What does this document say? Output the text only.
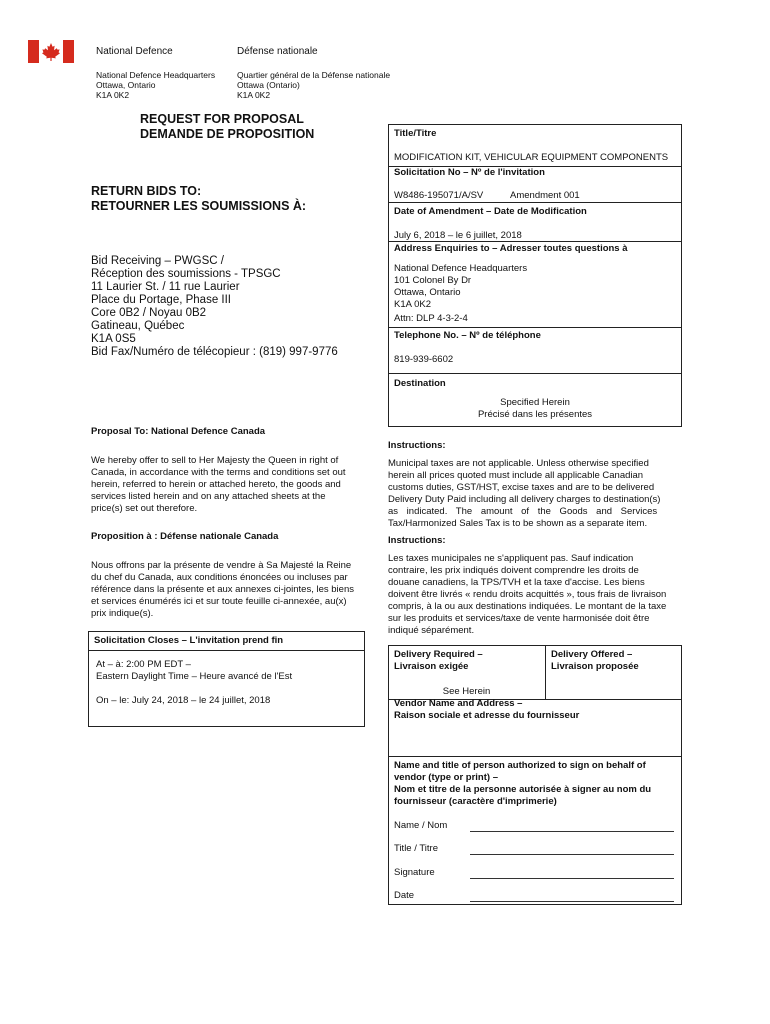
National Defence	Défense nationale
National Defence Headquarters
Ottawa, Ontario
K1A 0K2
Quartier général de la Défense nationale
Ottawa (Ontario)
K1A 0K2
REQUEST FOR PROPOSAL
DEMANDE DE PROPOSITION
RETURN BIDS TO:
RETOURNER LES SOUMISSIONS À:
Bid Receiving – PWGSC /
Réception des soumissions - TPSGC
11 Laurier St. / 11 rue Laurier
Place du Portage, Phase III
Core 0B2 / Noyau 0B2
Gatineau, Québec
K1A 0S5
Bid Fax/Numéro de télécopieur : (819) 997-9776
Title/Titre
MODIFICATION KIT, VEHICULAR EQUIPMENT COMPONENTS
Solicitation No – Nº de l'invitation
W8486-195071/A/SV	Amendment 001
Date of Amendment – Date de Modification
July 6, 2018 – le 6 juillet, 2018
Address Enquiries to – Adresser toutes questions à
National Defence Headquarters
101 Colonel By Dr
Ottawa, Ontario
K1A 0K2
Attn: DLP 4-3-2-4
Telephone No. – Nº de téléphone
819-939-6602
Destination
Specified Herein
Précisé dans les présentes
Proposal To: National Defence Canada
We hereby offer to sell to Her Majesty the Queen in right of
Canada, in accordance with the terms and conditions set out
herein, referred to herein or attached hereto, the goods and
services listed herein and on any attached sheets at the
price(s) set out therefore.
Proposition à : Défense nationale Canada
Nous offrons par la présente de vendre à Sa Majesté la Reine
du chef du Canada, aux conditions énoncées ou incluses par
référence dans la présente et aux annexes ci-jointes, les biens
et services énumérés ici et sur toute feuille ci-annexée, au(x)
prix indique(s).
Instructions:
Municipal taxes are not applicable. Unless otherwise specified
herein all prices quoted must include all applicable Canadian
customs duties, GST/HST, excise taxes and are to be delivered
Delivery Duty Paid including all delivery charges to destination(s)
as indicated. The amount of the Goods and Services
Tax/Harmonized Sales Tax is to be shown as a separate item.
Instructions:
Les taxes municipales ne s'appliquent pas. Sauf indication
contraire, les prix indiqués doivent comprendre les droits de
douane canadiens, la TPS/TVH et la taxe d'accise. Les biens
doivent être livrés « rendu droits acquittés », tous frais de livraison
compris, à la ou aux destinations indiquées. Le montant de la taxe
sur les produits et services/taxe de vente harmonisée doit être
indiqué séparément.
Solicitation Closes – L'invitation prend fin
At – à: 2:00 PM EDT –
Eastern Daylight Time – Heure avancé de l'Est
On – le: July 24, 2018 – le 24 juillet, 2018
Delivery Required –
Livraison exigée
Delivery Offered –
Livraison proposée
See Herein
Vendor Name and Address –
Raison sociale et adresse du fournisseur
Name and title of person authorized to sign on behalf of
vendor (type or print) –
Nom et titre de la personne autorisée à signer au nom du
fournisseur (caractère d'imprimerie)
Name / Nom
Title / Titre
Signature
Date
